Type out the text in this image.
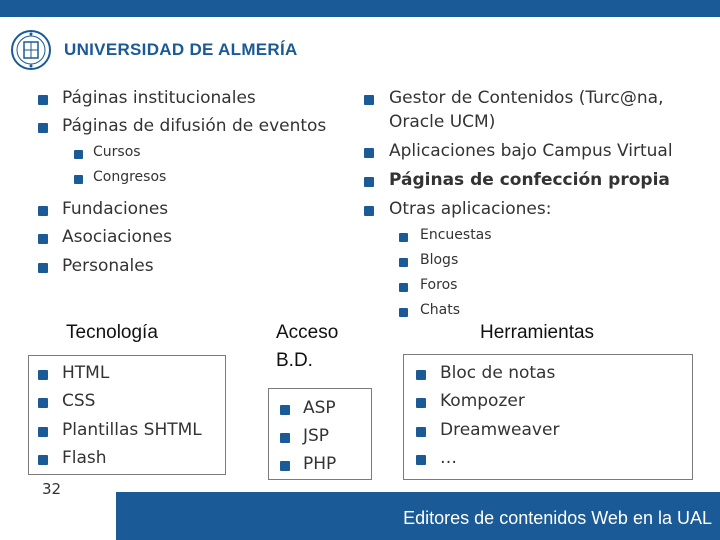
UNIVERSIDAD DE ALMERÍA
Páginas institucionales
Páginas de difusión de eventos
Cursos
Congresos
Fundaciones
Asociaciones
Personales
Gestor de Contenidos (Turc@na,
Oracle UCM)
Aplicaciones bajo Campus Virtual
Páginas de confección propia
Otras aplicaciones:
Encuestas
Blogs
Foros
Chats
Tecnología
HTML
CSS
Plantillas SHTML
Flash
Acceso
B.D.
ASP
JSP
PHP
Herramientas
Bloc de notas
Kompozer
Dreamweaver
…
32
Editores de contenidos Web en la UAL
